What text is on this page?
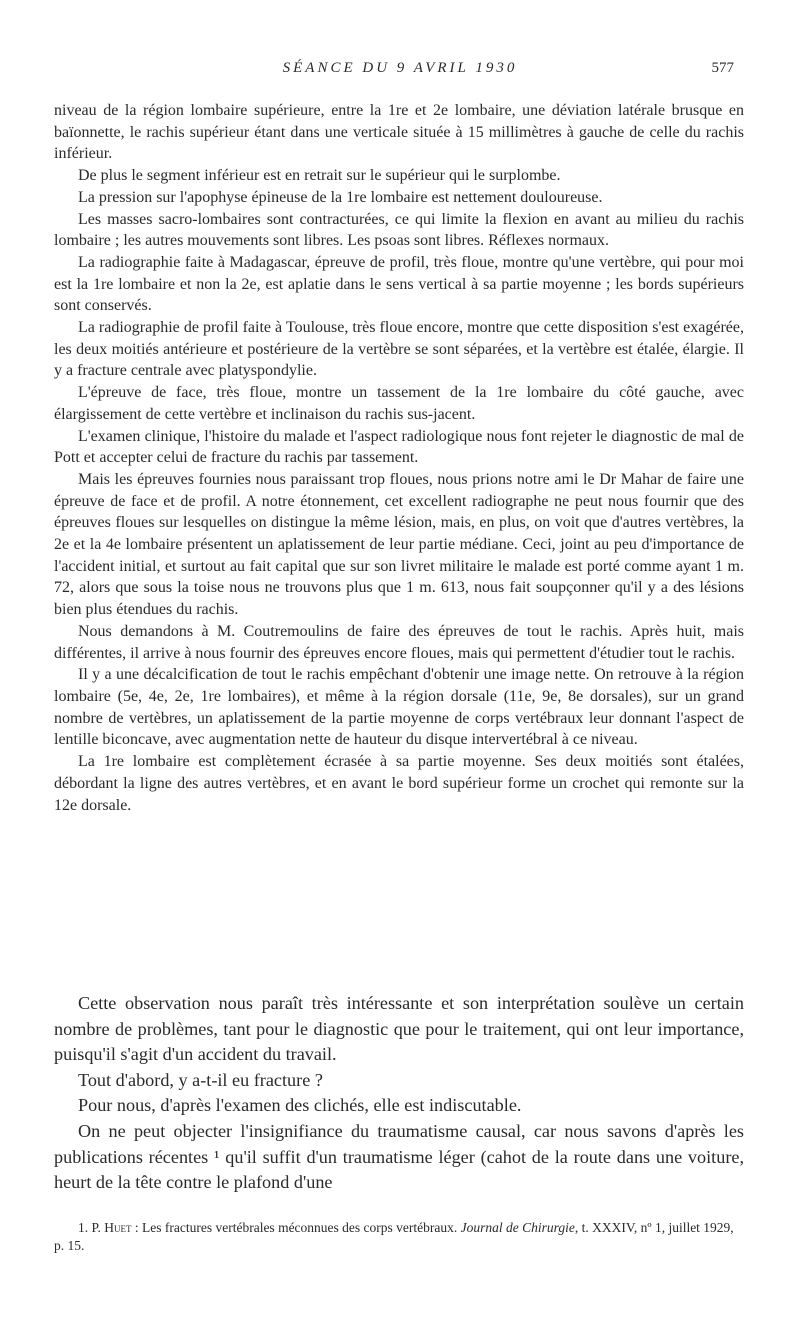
SÉANCE DU 9 AVRIL 1930	577

niveau de la région lombaire supérieure, entre la 1re et 2e lombaire, une déviation latérale brusque en baïonnette, le rachis supérieur étant dans une verticale située à 15 millimètres à gauche de celle du rachis inférieur.

De plus le segment inférieur est en retrait sur le supérieur qui le surplombe.

La pression sur l'apophyse épineuse de la 1re lombaire est nettement douloureuse.

Les masses sacro-lombaires sont contracturées, ce qui limite la flexion en avant au milieu du rachis lombaire ; les autres mouvements sont libres. Les psoas sont libres. Réflexes normaux.

La radiographie faite à Madagascar, épreuve de profil, très floue, montre qu'une vertèbre, qui pour moi est la 1re lombaire et non la 2e, est aplatie dans le sens vertical à sa partie moyenne ; les bords supérieurs sont conservés.

La radiographie de profil faite à Toulouse, très floue encore, montre que cette disposition s'est exagérée, les deux moitiés antérieure et postérieure de la vertèbre se sont séparées, et la vertèbre est étalée, élargie. Il y a fracture centrale avec platyspondylie.

L'épreuve de face, très floue, montre un tassement de la 1re lombaire du côté gauche, avec élargissement de cette vertèbre et inclinaison du rachis sus-jacent.

L'examen clinique, l'histoire du malade et l'aspect radiologique nous font rejeter le diagnostic de mal de Pott et accepter celui de fracture du rachis par tassement.

Mais les épreuves fournies nous paraissant trop floues, nous prions notre ami le Dr Mahar de faire une épreuve de face et de profil. A notre étonnement, cet excellent radiographe ne peut nous fournir que des épreuves floues sur lesquelles on distingue la même lésion, mais, en plus, on voit que d'autres vertèbres, la 2e et la 4e lombaire présentent un aplatissement de leur partie médiane. Ceci, joint au peu d'importance de l'accident initial, et surtout au fait capital que sur son livret militaire le malade est porté comme ayant 1 m. 72, alors que sous la toise nous ne trouvons plus que 1 m. 613, nous fait soupçonner qu'il y a des lésions bien plus étendues du rachis.

Nous demandons à M. Coutremoulins de faire des épreuves de tout le rachis. Après huit, mais différentes, il arrive à nous fournir des épreuves encore floues, mais qui permettent d'étudier tout le rachis.

Il y a une décalcification de tout le rachis empêchant d'obtenir une image nette. On retrouve à la région lombaire (5e, 4e, 2e, 1re lombaires), et même à la région dorsale (11e, 9e, 8e dorsales), sur un grand nombre de vertèbres, un aplatissement de la partie moyenne de corps vertébraux leur donnant l'aspect de lentille biconcave, avec augmentation nette de hauteur du disque intervertébral à ce niveau.

La 1re lombaire est complètement écrasée à sa partie moyenne. Ses deux moitiés sont étalées, débordant la ligne des autres vertèbres, et en avant le bord supérieur forme un crochet qui remonte sur la 12e dorsale.

Cette observation nous paraît très intéressante et son interprétation soulève un certain nombre de problèmes, tant pour le diagnostic que pour le traitement, qui ont leur importance, puisqu'il s'agit d'un accident du travail.

Tout d'abord, y a-t-il eu fracture ?

Pour nous, d'après l'examen des clichés, elle est indiscutable.

On ne peut objecter l'insignifiance du traumatisme causal, car nous savons d'après les publications récentes ¹ qu'il suffit d'un traumatisme léger (cahot de la route dans une voiture, heurt de la tête contre le plafond d'une

1. P. Huet : Les fractures vertébrales méconnues des corps vertébraux. Journal de Chirurgie, t. XXXIV, nº 1, juillet 1929, p. 15.
